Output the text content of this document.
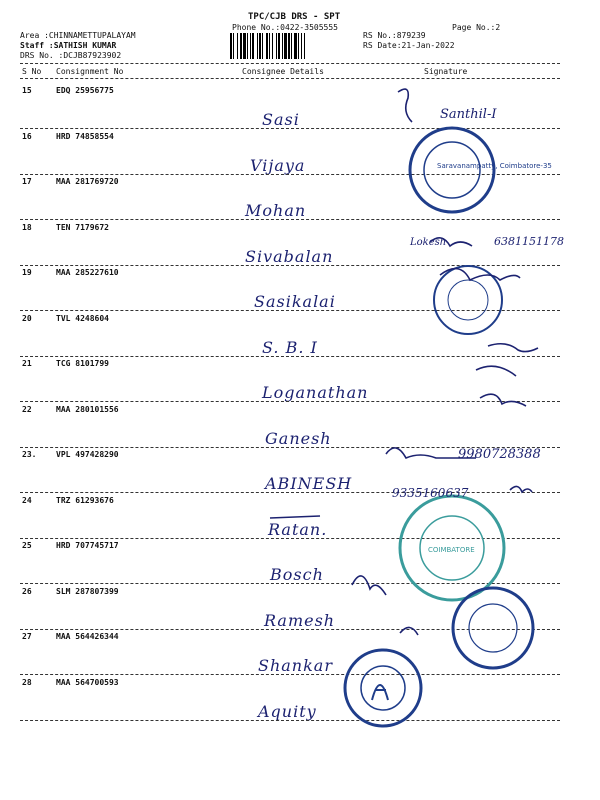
TPC/CJB DRS - SPT
Phone No.:0422-3505555	Page No.:2
Area :CHINNAMETTUPALAYAM
Staff :SATHISH KUMAR
DRS No. :DCJB87923902
RS No.:879239
RS Date:21-Jan-2022
S No Consignment No	Consignee Details	Signature
15	EDQ 25956775
Sasi
16	HRD 74858554
Vijaya
17	MAA 281769720
Mohan
18	TEN 7179672
Sivabalan
19	MAA 285227610
Sasikalai
20	TVL 4248604
S. B. I
21	TCG 8101799
Loganathan
22	MAA 280101556
Ganesh
23. VPL 497428290
ABINESH
24	TRZ 61293676
Ratan.
25	HRD 707745717
Bosch
26	SLM 287807399
Ramesh
27	MAA 564426344
Shankar
28	MAA 564700593
Aquity
Saravanampatty, Coimbatore-35
COIMBATORE
Santhil-I
Lokesh	6381151178
9980728388
9335160637
